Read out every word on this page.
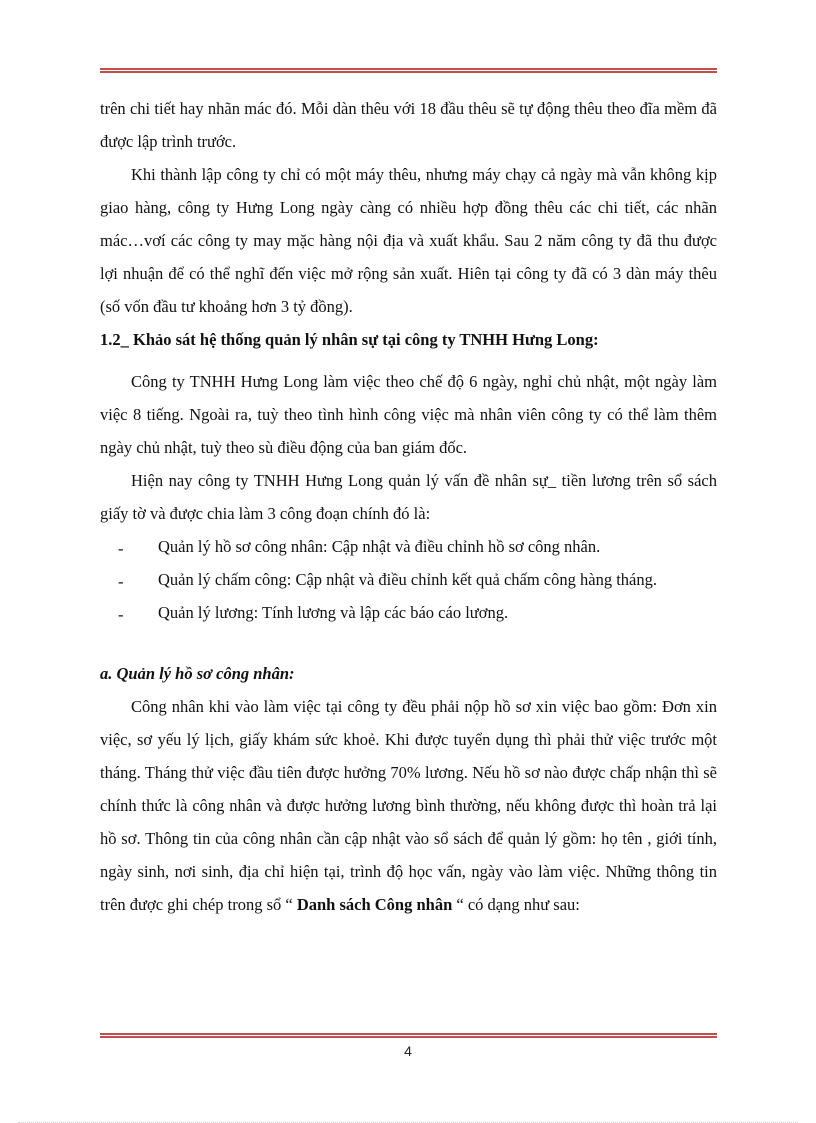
trên chi tiết hay nhãn mác đó. Mỗi dàn thêu với 18 đầu thêu sẽ tự động thêu theo đĩa mềm đã được lập trình trước.

Khi thành lập công ty chỉ có một máy thêu, nhưng máy chạy cả ngày mà vẫn không kịp giao hàng, công ty Hưng Long ngày càng có nhiều hợp đồng thêu các chi tiết, các nhãn mác…vơí các công ty may mặc hàng nội địa và xuất khẩu. Sau 2 năm công ty đã thu được lợi nhuận để có thể nghĩ đến việc mở rộng sản xuất. Hiên tại công ty đã có 3 dàn máy thêu (số vốn đầu tư khoảng hơn 3 tỷ đồng).

1.2_ Khảo sát hệ thống quản lý nhân sự tại công ty TNHH Hưng Long:

Công ty TNHH Hưng Long làm việc theo chế độ 6 ngày, nghỉ chủ nhật, một ngày làm việc 8 tiếng. Ngoài ra, tuỳ theo tình hình công việc mà nhân viên công ty có thể làm thêm ngày chủ nhật, tuỳ theo sù điều động của ban giám đốc.

Hiện nay công ty TNHH Hưng Long quản lý vấn đề nhân sự_ tiền lương trên sổ sách giấy tờ và được chia làm 3 công đoạn chính đó là:

- Quản lý hồ sơ công nhân: Cập nhật và điều chỉnh hồ sơ công nhân.
- Quản lý chấm công: Cập nhật và điều chỉnh kết quả chấm công hàng tháng.
- Quản lý lương: Tính lương và lập các báo cáo lương.

a. Quản lý hồ sơ công nhân:

Công nhân khi vào làm việc tại công ty đều phải nộp hồ sơ xin việc bao gồm: Đơn xin việc, sơ yếu lý lịch, giấy khám sức khoẻ. Khi được tuyển dụng thì phải thử việc trước một tháng. Tháng thử việc đầu tiên được hưởng 70% lương. Nếu hồ sơ nào được chấp nhận thì sẽ chính thức là công nhân và được hưởng lương bình thường, nếu không được thì hoàn trả lại hồ sơ. Thông tin của công nhân cần cập nhật vào sổ sách để quản lý gồm: họ tên , giới tính, ngày sinh, nơi sinh, địa chỉ hiện tại, trình độ học vấn, ngày vào làm việc. Những thông tin trên được ghi chép trong sổ “ Danh sách Công nhân “ có dạng như sau:

4
